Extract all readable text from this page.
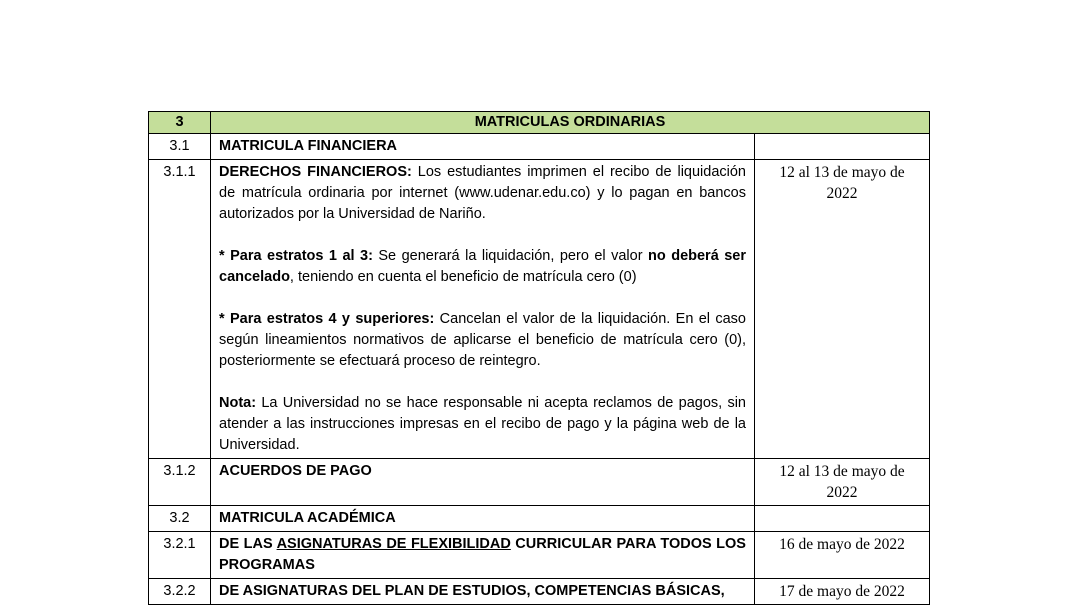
3	MATRICULAS ORDINARIAS	
3.1	MATRICULA FINANCIERA	
3.1.1	DERECHOS FINANCIEROS: Los estudiantes imprimen el recibo de liquidación de matrícula ordinaria por internet (www.udenar.edu.co) y lo pagan en bancos autorizados por la Universidad de Nariño.
* Para estratos 1 al 3: Se generará la liquidación, pero el valor no deberá ser cancelado, teniendo en cuenta el beneficio de matrícula cero (0)
* Para estratos 4 y superiores: Cancelan el valor de la liquidación. En el caso según lineamientos normativos de aplicarse el beneficio de matrícula cero (0), posteriormente se efectuará proceso de reintegro.
Nota: La Universidad no se hace responsable ni acepta reclamos de pagos, sin atender a las instrucciones impresas en el recibo de pago y la página web de la Universidad.	12 al 13 de mayo de 2022
3.1.2	ACUERDOS DE PAGO	12 al 13 de mayo de 2022
3.2	MATRICULA ACADÉMICA	
3.2.1	DE LAS ASIGNATURAS DE FLEXIBILIDAD CURRICULAR PARA TODOS LOS PROGRAMAS	16 de mayo de 2022
3.2.2	DE ASIGNATURAS DEL PLAN DE ESTUDIOS, COMPETENCIAS BÁSICAS,	17 de mayo de 2022
